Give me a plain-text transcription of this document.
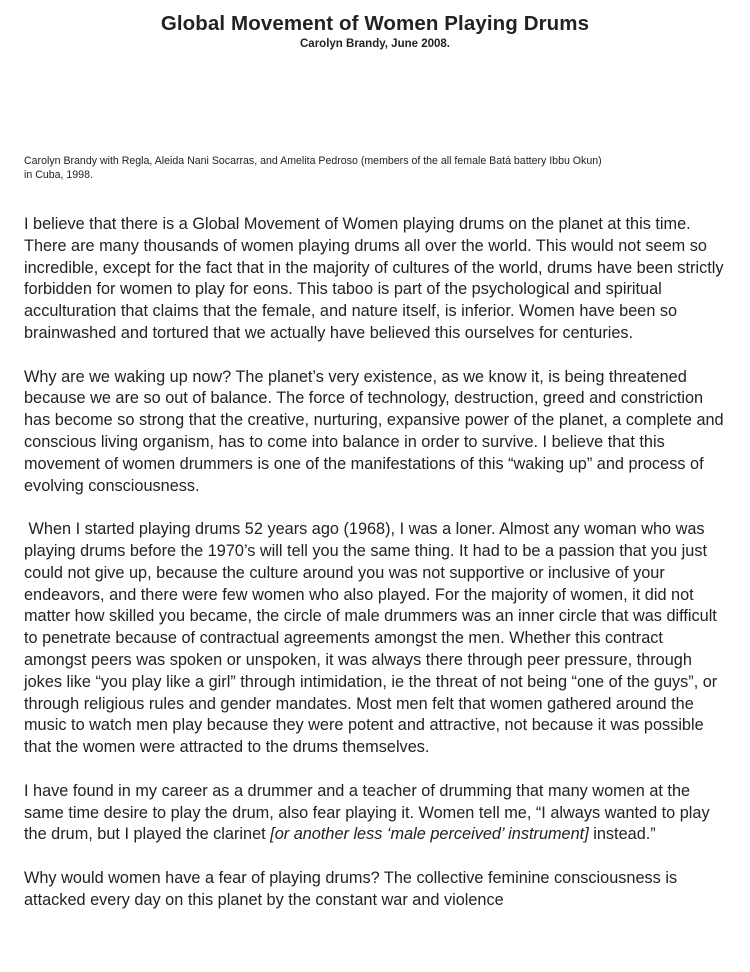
Global Movement of Women Playing Drums
Carolyn Brandy, June 2008.
Carolyn Brandy with Regla, Aleida Nani Socarras, and Amelita Pedroso (members of the all female Batá battery Ibbu Okun)
in Cuba, 1998.

I believe that there is a Global Movement of Women playing drums on the planet at this time. There are many thousands of women playing drums all over the world. This would not seem so incredible, except for the fact that in the majority of cultures of the world, drums have been strictly forbidden for women to play for eons. This taboo is part of the psychological and spiritual acculturation that claims that the female, and nature itself, is inferior. Women have been so brainwashed and tortured that we actually have believed this ourselves for centuries.

Why are we waking up now? The planet’s very existence, as we know it, is being threatened because we are so out of balance. The force of technology, destruction, greed and constriction has become so strong that the creative, nurturing, expansive power of the planet, a complete and conscious living organism, has to come into balance in order to survive. I believe that this movement of women drummers is one of the manifestations of this “waking up” and process of evolving consciousness.

When I started playing drums 52 years ago (1968), I was a loner. Almost any woman who was playing drums before the 1970’s will tell you the same thing. It had to be a passion that you just could not give up, because the culture around you was not supportive or inclusive of your endeavors, and there were few women who also played. For the majority of women, it did not matter how skilled you became, the circle of male drummers was an inner circle that was difficult to penetrate because of contractual agreements amongst the men. Whether this contract amongst peers was spoken or unspoken, it was always there through peer pressure, through jokes like “you play like a girl” through intimidation, ie the threat of not being “one of the guys”, or through religious rules and gender mandates. Most men felt that women gathered around the music to watch men play because they were potent and attractive, not because it was possible that the women were attracted to the drums themselves.

I have found in my career as a drummer and a teacher of drumming that many women at the same time desire to play the drum, also fear playing it. Women tell me, “I always wanted to play the drum, but I played the clarinet [or another less ‘male perceived’ instrument] instead.”

Why would women have a fear of playing drums? The collective feminine consciousness is attacked every day on this planet by the constant war and violence
